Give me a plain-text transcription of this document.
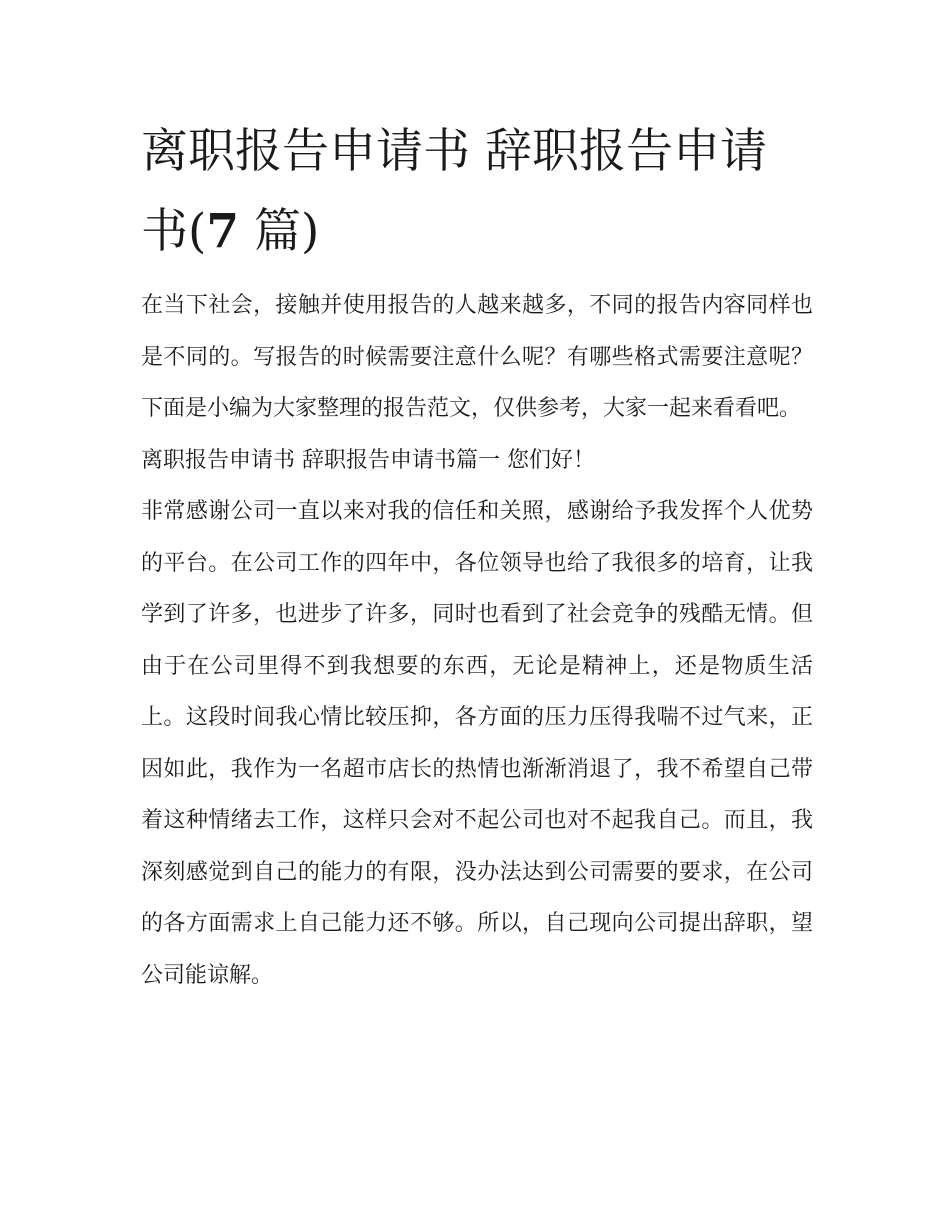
离职报告申请书 辞职报告申请书(7 篇)

在当下社会，接触并使用报告的人越来越多，不同的报告内容同样也是不同的。写报告的时候需要注意什么呢？有哪些格式需要注意呢？下面是小编为大家整理的报告范文，仅供参考，大家一起来看看吧。

离职报告申请书 辞职报告申请书篇一 您们好！

非常感谢公司一直以来对我的信任和关照，感谢给予我发挥个人优势的平台。在公司工作的四年中，各位领导也给了我很多的培育，让我学到了许多，也进步了许多，同时也看到了社会竞争的残酷无情。但由于在公司里得不到我想要的东西，无论是精神上，还是物质生活上。这段时间我心情比较压抑，各方面的压力压得我喘不过气来，正因如此，我作为一名超市店长的热情也渐渐消退了，我不希望自己带着这种情绪去工作，这样只会对不起公司也对不起我自己。而且，我深刻感觉到自己的能力的有限，没办法达到公司需要的要求，在公司的各方面需求上自己能力还不够。所以，自己现向公司提出辞职，望公司能谅解。
